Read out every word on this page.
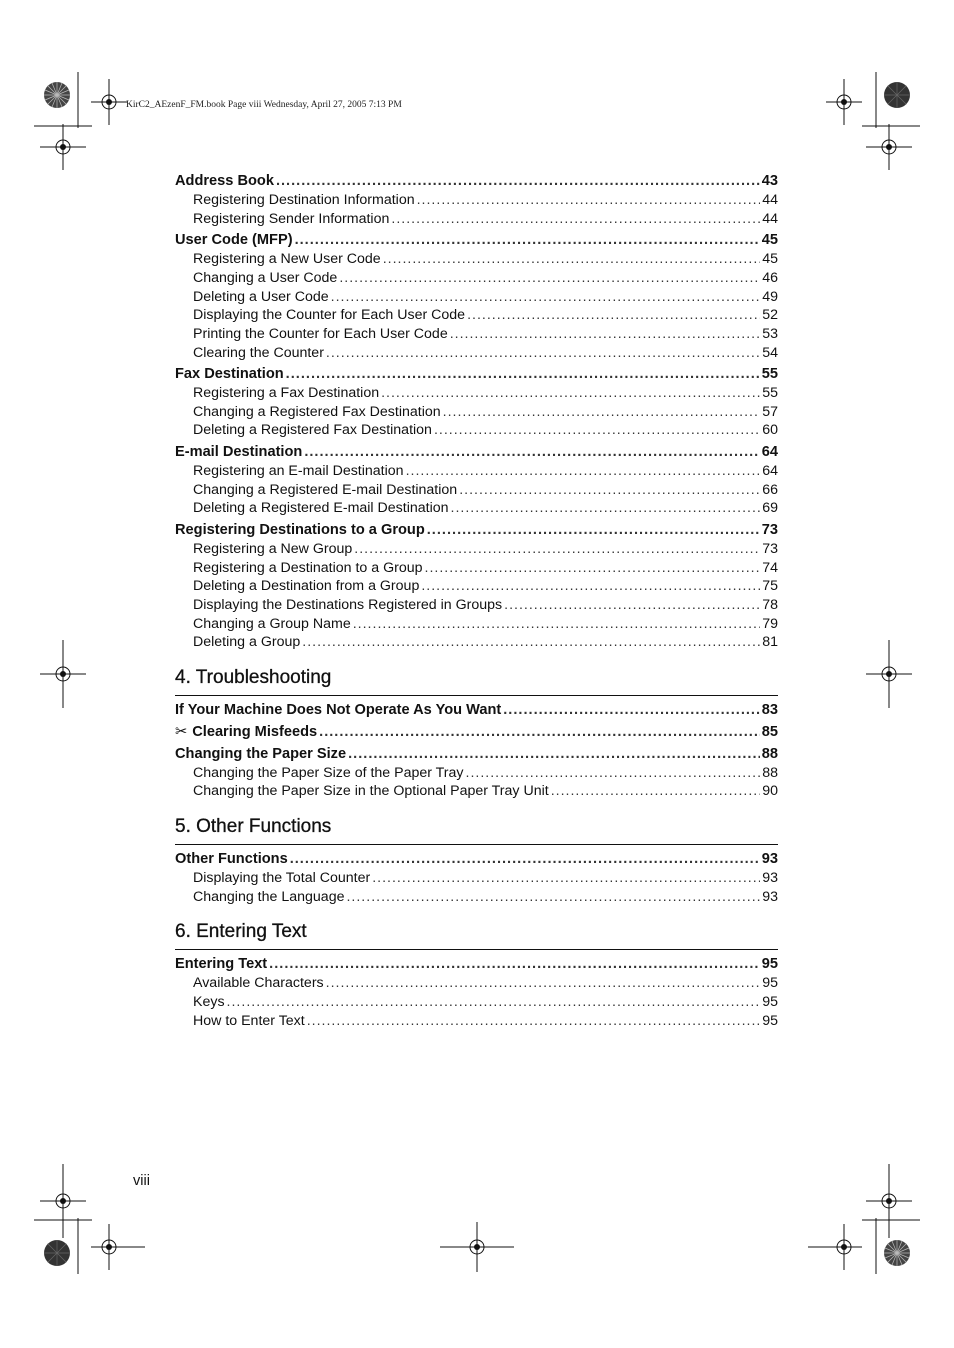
KirC2_AEzenF_FM.book Page viii Wednesday, April 27, 2005 7:13 PM
Address Book .....	43
Registering Destination Information .....	44
Registering Sender Information .....	44
User Code (MFP) .....	45
Registering a New User Code .....	45
Changing a User Code .....	46
Deleting a User Code .....	49
Displaying the Counter for Each User Code .....	52
Printing the Counter for Each User Code .....	53
Clearing the Counter .....	54
Fax Destination .....	55
Registering a Fax Destination .....	55
Changing a Registered Fax Destination .....	57
Deleting a Registered Fax Destination .....	60
E-mail Destination .....	64
Registering an E-mail Destination .....	64
Changing a Registered E-mail Destination .....	66
Deleting a Registered E-mail Destination .....	69
Registering Destinations to a Group .....	73
Registering a New Group .....	73
Registering a Destination to a Group .....	74
Deleting a Destination from a Group .....	75
Displaying the Destinations Registered in Groups .....	78
Changing a Group Name .....	79
Deleting a Group .....	81
4. Troubleshooting
If Your Machine Does Not Operate As You Want .....	83
✂ Clearing Misfeeds .....	85
Changing the Paper Size .....	88
Changing the Paper Size of the Paper Tray .....	88
Changing the Paper Size in the Optional Paper Tray Unit .....	90
5. Other Functions
Other Functions .....	93
Displaying the Total Counter .....	93
Changing the Language .....	93
6. Entering Text
Entering Text .....	95
Available Characters .....	95
Keys .....	95
How to Enter Text .....	95
viii
